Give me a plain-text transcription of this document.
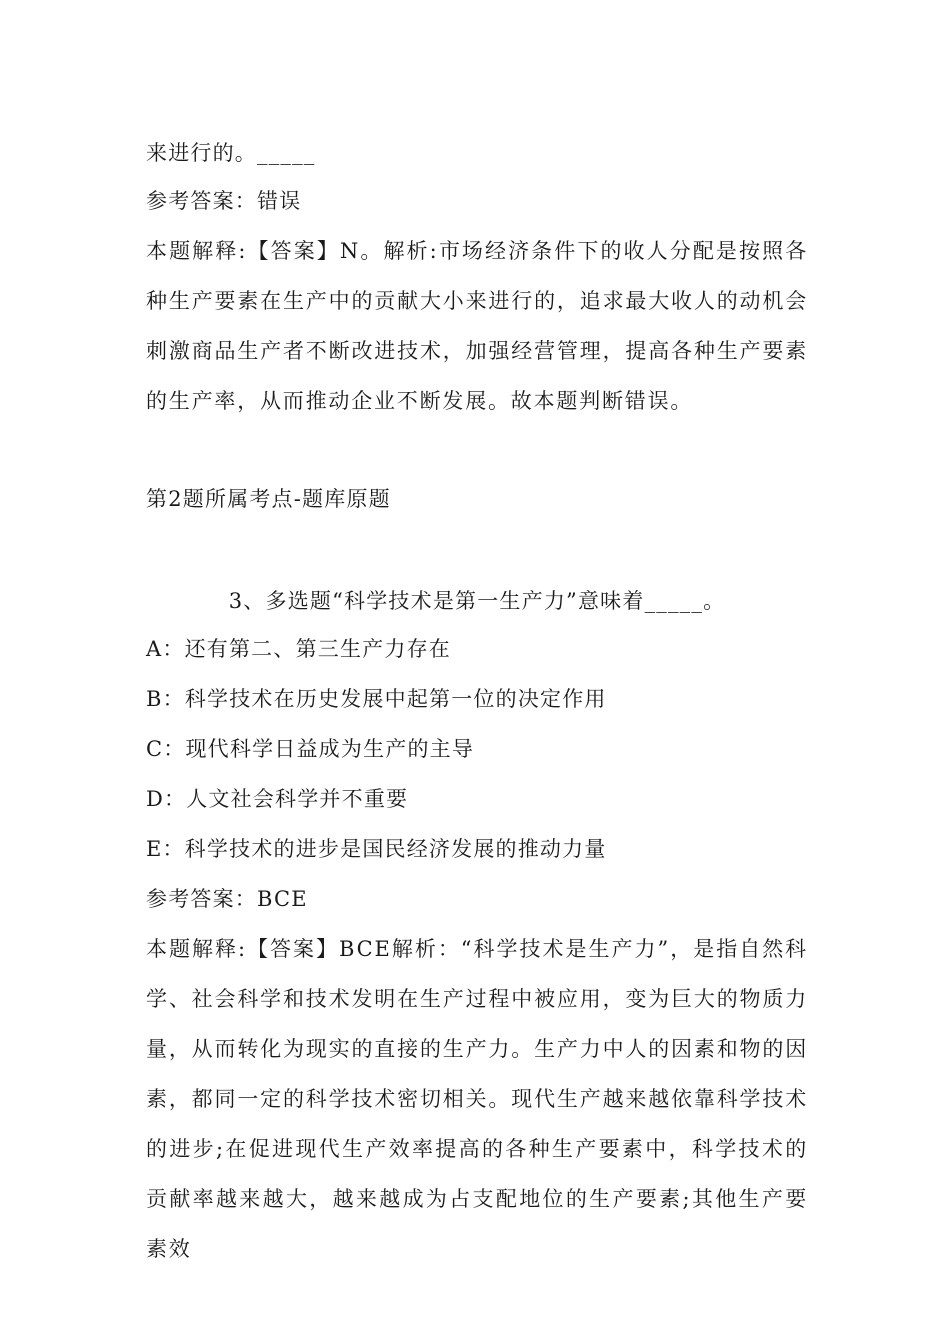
来进行的。_____
参考答案：错误
本题解释:【答案】N。解析:市场经济条件下的收人分配是按照各种生产要素在生产中的贡献大小来进行的，追求最大收人的动机会刺激商品生产者不断改进技术，加强经营管理，提高各种生产要素的生产率，从而推动企业不断发展。故本题判断错误。
第2题所属考点-题库原题
3、多选题“科学技术是第一生产力”意味着_____。
A：还有第二、第三生产力存在
B：科学技术在历史发展中起第一位的决定作用
C：现代科学日益成为生产的主导
D：人文社会科学并不重要
E：科学技术的进步是国民经济发展的推动力量
参考答案：BCE
本题解释:【答案】BCE解析：“科学技术是生产力”，是指自然科学、社会科学和技术发明在生产过程中被应用，变为巨大的物质力量，从而转化为现实的直接的生产力。生产力中人的因素和物的因素，都同一定的科学技术密切相关。现代生产越来越依靠科学技术的进步;在促进现代生产效率提高的各种生产要素中，科学技术的贡献率越来越大，越来越成为占支配地位的生产要素;其他生产要素效
